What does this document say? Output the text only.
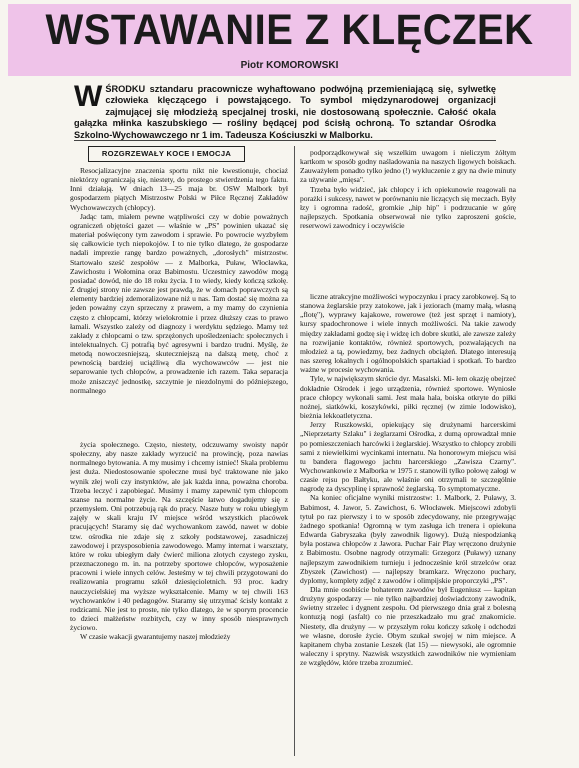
WSTAWANIE Z KLĘCZEK
Piotr KOMOROWSKI

W ŚRODKU sztandaru pracownicze wyhaftowano podwójną przemieniającą się, sylwetkę człowieka klęczącego i powstającego. To symbol międzynarodowej organizacji zajmującej się młodzieżą specjalnej troski, nie dostosowaną społecznie. Całość okala gałązka młinka kaszubskiego — rośliny będącej pod ścisłą ochroną. To sztandar Ośrodka Szkolno-Wychowawczego nr 1 im. Tadeusza Kościuszki w Malborku.

ROZGRZEWAŁY KOCE I EMOCJA

Resocjalizacyjne znaczenia sportu nikt nie kwestionuje, chociaż niektórzy ograniczają się, niestety, do prostego stwierdzenia tego faktu. Inni działają. W dniach 13—25 maja br. OSW Malbork był gospodarzem piątych Mistrzostw Polski w Piłce Ręcznej Zakładów Wychowawczych (chłopcy).

Jadąc tam, miałem pewne wątpliwości czy w dobie poważnych ograniczeń objętości gazet — właśnie w „PS" powinien ukazać się materiał poświęcony tym zawodom i sprawie. Po powrocie wyzbyłem się całkowicie tych niepokojów. I to nie tylko dlatego, że gospodarze nadali imprezie rangę bardzo poważnych, „dorosłych" mistrzostw. Startowało sześć zespołów — z Malborka, Puław, Włocławka, Zawichostu i Wołomina oraz Babimostu. Uczestnicy zawodów mogą posiadać dowód, nie do 18 roku życia. I to wiedy, kiedy kończą szkołę. Z drugiej strony nie zawsze jest prawdą, że w domach poprawczych są elementy bardziej zdemoralizowane niż u nas. Tam dostać się można za jeden poważny czyn sprzeczny z prawem, a my mamy do czynienia często z chłopcami, którzy wielokrotnie i przez dłuższy czas to prawo łamali. Wszystko zależy od diagnozy i werdyktu sędziego. Mamy też zakłady z chłopcami o tzw. sprzężonych upośledzeniach: społecznych i intelektualnych. Cj potrafią być agresywni i bardzo trudni. Myślę, że metodą nowoczesniejszą, skuteczniejszą na dalszą metę, choć z pewnością bardziej uciążliwą dla wychowawców — jest nie separowanie tych chłopców, a prowadzenie ich razem. Taka separacja może zniszczyć jednostkę, szczytnie je niezdolnymi do późniejszego, normalnego

podporządkowywał się wszelkim uwagom i nieliczym żółtym kartkom w sposób godny naśladowania na naszych ligowych boiskach. Zauważyłem ponadto tylko jedno (!) wykluczenie z gry na dwie minuty za używanie „mięsa".

Trzeba było widzieć, jak chłopcy i ich opiekunowie reagowali na porażki i sukcesy, nawet w porównaniu nie liczących się meczach. Były łzy i ogromna radość, gromkie „hip hip" i podrzucanie w górę najlepszych. Spotkania obserwował nie tylko zaproszeni goście, reserwowi zawodnicy i oczywiście

liczne atrakcyjne możliwości wypoczynku i pracy zarobkowej. Są to stanowa żeglarskie przy zatokowe, jak i jeziorach (mamy małą, własną „flotę"), wyprawy kajakowe, rowerowe (też jest sprzęt i namioty), kursy spadochronowe i wiele innych możliwości. Na takie zawody między zakładami godzę się i widzę ich dobre skutki, ale zawsze zależy na rozwijanie kontaktów, również sportowych, pozwalających na młodzież a tą, powiedzmy, bez żadnych obciążeń. Dlatego interesują nas szereg lokalnych i ogólnopolskich spartakiad i spotkań. To bardzo ważne w procesie wychowania.

Tyle, w największym skrócie dyr. Masalski. Mi- łem okazję obejrzeć dokładnie Ośrodek i jego urządzenia, również sportowe. Wyniosłe prace chłopcy wykonali sami. Jest mała hala, boiska otkryte do piłki nożnej, siatkówki, koszykówki, piłki ręcznej (w zimie lodowisko), bieżnia lekkoatletyczna.

Jerzy Ruszkowski, opiekujący się drużynami harcerskimi „Nieprzetarty Szlaku" i żeglarzami Ośrodka, z dumą oprowadzał mnie po pomieszczeniach harcówki i żeglarskiej. Wszystko to chłopcy zrobili sami z niewielkimi wycinkami internatu. Na honorowym miejscu wisi tu bandera flagowego jachtu harcerskiego „Zawisza Czarny". Wychowankowie z Malborka w 1975 r. stanowili tylko połowę załogi w czasie rejsu po Bałtyku, ale właśnie oni otrzymali te szczególnie nagrodę za dyscyplinę i sprawność żeglarską. To symptomatyczne.

Na koniec oficjalne wyniki mistrzostw: 1. Malbork, 2. Puławy, 3. Babimost, 4. Jawor, 5. Zawichost, 6. Włocławek. Miejscowi zdobyli tytuł po raz pierwszy i to w sposób zdecydowany, nie przegrywając żadnego spotkania! Ogromną w tym zasługa ich trenera i opiekuna Edwarda Gabryszaka (były zawodnik ligowy). Dużą niespodzianką była postawa chłopców z Jawora. Puchar Fair Play wręczono drużynie z Babimostu. Osobne nagrody otrzymali: Grzegorz (Puławy) uznany najlepszym zawodnikiem turnieju i jednocześnie król strzelców oraz Zbyszek (Zawichost) — najlepszy bramkarz. Wręczono puchary, dyplomy, komplety zdjęć z zawodów i olimpijskie proporczyki „PS".

Dla mnie osobiście bohaterem zawodów był Eugeniusz — kapitan drużyny gospodarzy — nie tylko najbardziej doświadczony zawodnik, świetny strzelec i dygnent zespołu. Od pierwszego dnia grał z bolesną kontuzją nogi (asfalt) co nie przeszkadzało mu grać znakomicie. Niestety, dla drużyny — w przyszłym roku kończy szkołę i odchodzi we własne, dorosłe życie. Obym szukał swojej w nim miejsce. A kapitanem chyba zostanie Leszek (lat 15) — niewysoki, ale ogromnie waleczny i sprytny. Nazwisk wszystkich zawodników nie wymieniam ze względów, które trzeba zrozumieć.

życia społecznego. Często, niestety, odczuwamy swoisty napór społeczny, aby nasze zakłady wyrzucić na prowincję, poza nawias normalnego bytowania. A my musimy i chcemy istnieć! Skala problemu jest duża. Niedostosowanie społeczne musi być traktowane nie jako wynik złej woli czy instynktów, ale jak każda inna, poważna choroba. Trzeba leczyć i zapobiegać. Musimy i mamy zapewnić tym chłopcom szanse na normalne życie. Na szczęście łatwo dogadujemy się z przemysłem. Oni potrzebują rąk do pracy. Nasze huty w roku ubiegłym zajęły w skali kraju IV miejsce wśród wszystkich placówek pracujących! Staramy się dać wychowankom zawód, nawet w dobie tzw. ośrodka nie zdaje się z szkoły podstawowej, zasadniczej zawodowej i przysposobienia zawodowego. Mamy internat i warsztaty, które w roku ubiegłym dały ćwierć miliona złotych czystego zysku, przeznaczonego m. in. na potrzeby sportowe chłopców, wyposażenie pracowni i wiele innych celów. Jesteśmy w tej chwili przygotowani do realizowania programu szkół dziesięcioletnich. 93 proc. kadry nauczycielskiej ma wyższe wykształcenie. Mamy w tej chwili 163 wychowanków i 40 pedagogów. Staramy się utrzymać ścisły kontakt z rodzicami. Nie jest to proste, nie tylko dlatego, że w sporym procencie to dzieci małżeństw rozbitych, czy w inny sposób niesprawnych życiowo.

W czasie wakacji gwarantujemy naszej młodzieży
